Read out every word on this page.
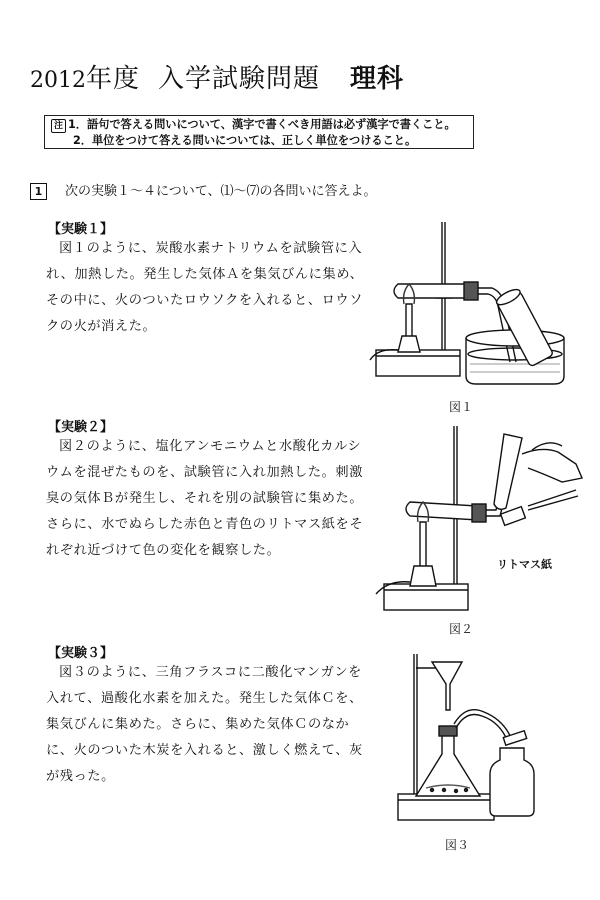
2012年度 入学試験問題 理科
注 1．語句で答える問いについて、漢字で書くべき用語は必ず漢字で書くこと。
2．単位をつけて答える問いについては、正しく単位をつけること。
1 次の実験１～４について、⑴～⑺の各問いに答えよ。
【実験１】

図１のように、炭酸水素ナトリウムを試験管に入れ、加熱した。発生した気体Ａを集気びんに集め、その中に、火のついたロウソクを入れると、ロウソクの火が消えた。

図１
【実験２】

図２のように、塩化アンモニウムと水酸化カルシウムを混ぜたものを、試験管に入れ加熱した。刺激臭の気体Ｂが発生し、それを別の試験管に集めた。さらに、水でぬらした赤色と青色のリトマス紙をそれぞれ近づけて色の変化を観察した。

リトマス紙
図２
【実験３】

図３のように、三角フラスコに二酸化マンガンを入れて、過酸化水素を加えた。発生した気体Ｃを、集気びんに集めた。さらに、集めた気体Ｃのなかに、火のついた木炭を入れると、激しく燃えて、灰が残った。

図３
